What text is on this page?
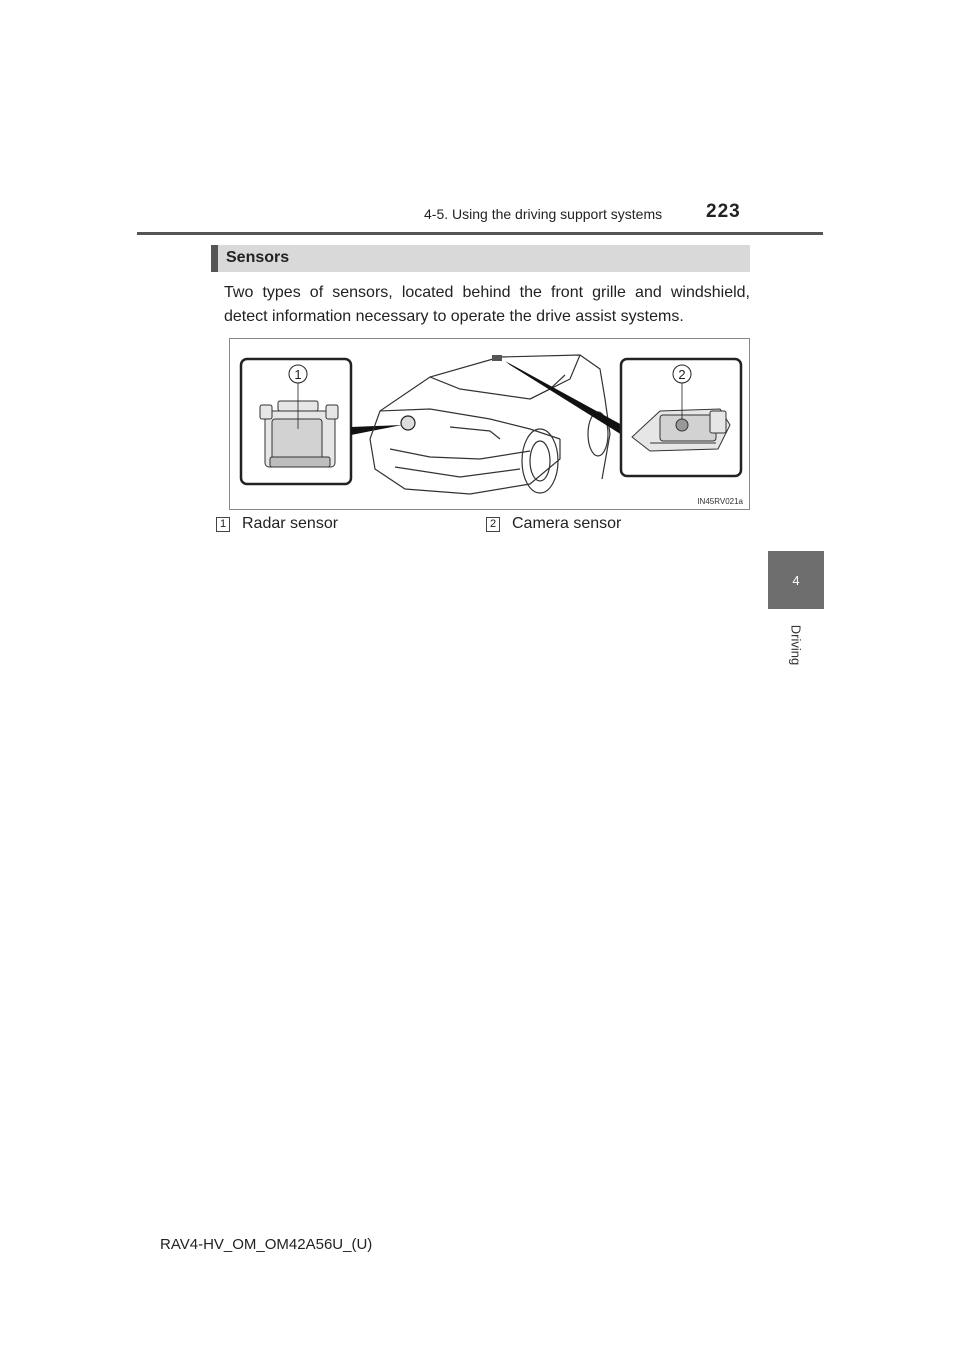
4-5. Using the driving support systems 223
4
Driving
Sensors
Two types of sensors, located behind the front grille and windshield, detect information necessary to operate the drive assist systems.
1	2
IN45RV021a
1 Radar sensor	2 Camera sensor
RAV4-HV_OM_OM42A56U_(U)
